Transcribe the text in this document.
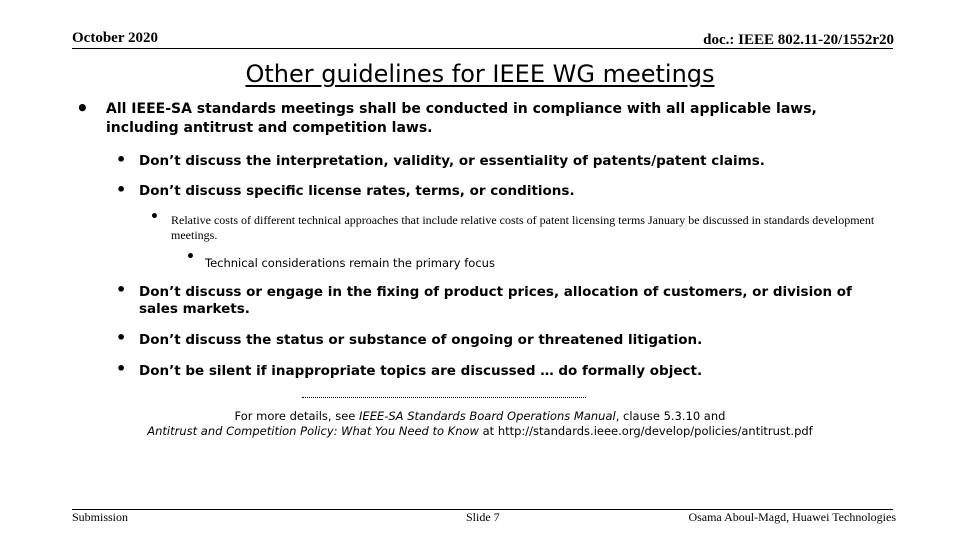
October 2020	doc.: IEEE 802.11-20/1552r20
Other guidelines for IEEE WG meetings
• All IEEE-SA standards meetings shall be conducted in compliance with all applicable laws, including antitrust and competition laws.
• Don’t discuss the interpretation, validity, or essentiality of patents/patent claims.
• Don’t discuss specific license rates, terms, or conditions.
• Relative costs of different technical approaches that include relative costs of patent licensing terms January be discussed in standards development meetings.
• Technical considerations remain the primary focus
• Don’t discuss or engage in the fixing of product prices, allocation of customers, or division of sales markets.
• Don’t discuss the status or substance of ongoing or threatened litigation.
• Don’t be silent if inappropriate topics are discussed … do formally object.
For more details, see IEEE-SA Standards Board Operations Manual, clause 5.3.10 and
Antitrust and Competition Policy: What You Need to Know at http://standards.ieee.org/develop/policies/antitrust.pdf
Submission	Slide 7	Osama Aboul-Magd, Huawei Technologies
